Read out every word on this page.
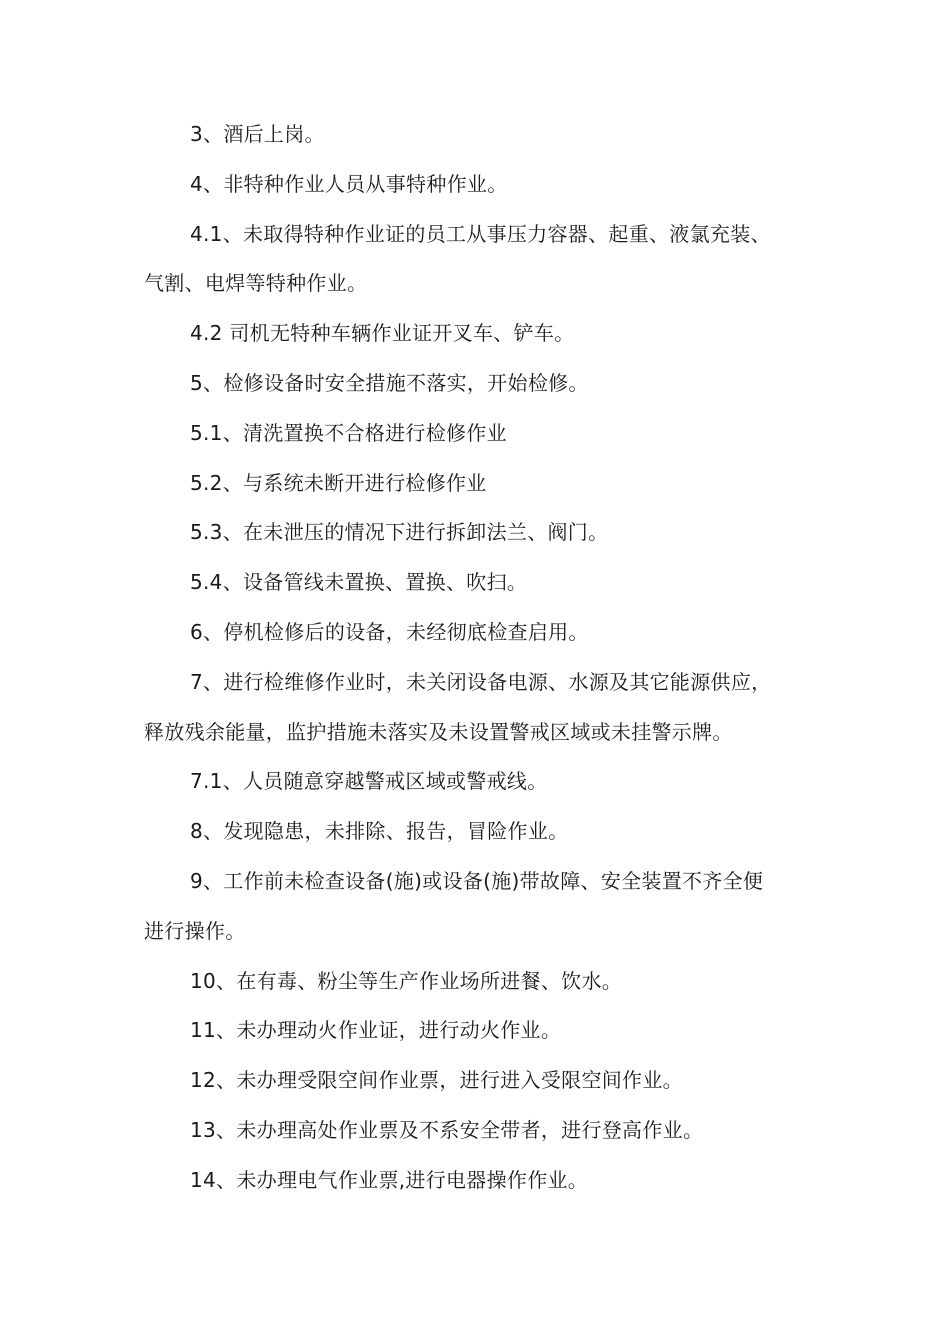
3、酒后上岗。
4、非特种作业人员从事特种作业。
4.1、未取得特种作业证的员工从事压力容器、起重、液氯充装、
气割、电焊等特种作业。
4.2 司机无特种车辆作业证开叉车、铲车。
5、检修设备时安全措施不落实，开始检修。
5.1、清洗置换不合格进行检修作业
5.2、与系统未断开进行检修作业
5.3、在未泄压的情况下进行拆卸法兰、阀门。
5.4、设备管线未置换、置换、吹扫。
6、停机检修后的设备，未经彻底检查启用。
7、进行检维修作业时，未关闭设备电源、水源及其它能源供应，
释放残余能量，监护措施未落实及未设置警戒区域或未挂警示牌。
7.1、人员随意穿越警戒区域或警戒线。
8、发现隐患，未排除、报告，冒险作业。
9、工作前未检查设备(施)或设备(施)带故障、安全装置不齐全便
进行操作。
10、在有毒、粉尘等生产作业场所进餐、饮水。
11、未办理动火作业证，进行动火作业。
12、未办理受限空间作业票，进行进入受限空间作业。
13、未办理高处作业票及不系安全带者，进行登高作业。
14、未办理电气作业票,进行电器操作作业。
